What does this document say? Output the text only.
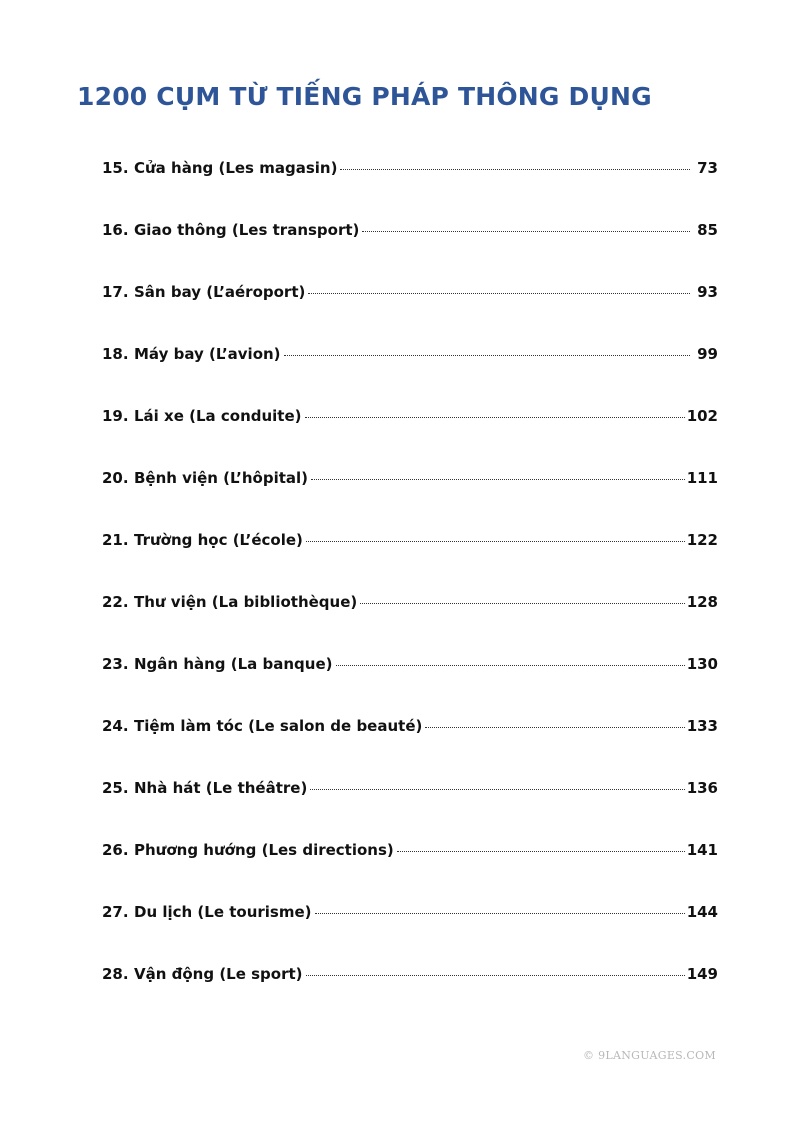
1200 CỤM TỪ TIẾNG PHÁP THÔNG DỤNG
15. Cửa hàng (Les magasin)	73
16. Giao thông (Les transport)	85
17. Sân bay (L’aéroport)	93
18. Máy bay (L’avion)	99
19. Lái xe (La conduite)	102
20. Bệnh viện (L’hôpital)	111
21. Trường học (L’école)	122
22. Thư viện (La bibliothèque)	128
23. Ngân hàng (La banque)	130
24. Tiệm làm tóc (Le salon de beauté)	133
25. Nhà hát (Le théâtre)	136
26. Phương hướng (Les directions)	141
27. Du lịch (Le tourisme)	144
28. Vận động (Le sport)	149
© 9LANGUAGES.COM
